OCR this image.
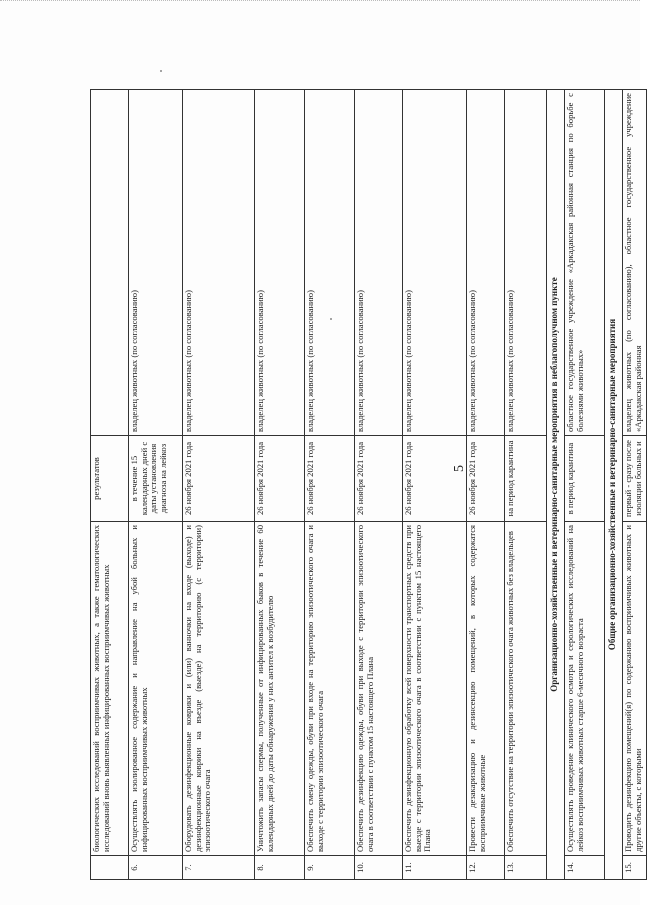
5
	биологических исследований восприимчивых животных, а также гематологических исследований вновь выявленных инфицированных восприимчивых животных	результатов	
6.	Осуществлять изолированное содержание и направление на убой больных и инфицированных восприимчивых животных	в течение 15 календарных дней с даты установления диагноза на лейкоз	владелец животных (по согласованию)
7.	Оборудовать дезинфекционные коврики и (или) ванночки на входе (выходе) и дезинфекционные коврики на въезде (выезде) на территорию (с территории) эпизоотического очага	26 ноября 2021 года	владелец животных (по согласованию)
8.	Уничтожить запасы спермы, полученные от инфицированных быков в течение 60 календарных дней до даты обнаружения у них антител к возбудителю	26 ноября 2021 года	владелец животных (по согласованию)
9.	Обеспечить смену одежды, обуви при входе на территорию эпизоотического очага и выходе с территории эпизоотического очага	26 ноября 2021 года	владелец животных (по согласованию)
10.	Обеспечить дезинфекцию одежды, обуви при выходе с территории эпизоотического очага в соответствии с пунктом 15 настоящего Плана	26 ноября 2021 года	владелец животных (по согласованию)
11.	Обеспечить дезинфекционную обработку всей поверхности транспортных средств при выезде с территории эпизоотического очага в соответствии с пунктом 15 настоящего Плана	26 ноября 2021 года	владелец животных (по согласованию)
12.	Провести дезакаризацию и дезинсекцию помещений, в которых содержатся восприимчивые животные	26 ноября 2021 года	владелец животных (по согласованию)
13.	Обеспечить отсутствие на территории эпизоотического очага животных без владельцев	на период карантина	владелец животных (по согласованию)
Организационно-хозяйственные и ветеринарно-санитарные мероприятия в неблагополучном пункте			
14.	Осуществлять проведение клинического осмотра и серологических исследований на лейкоз восприимчивых животных старше 6-месячного возраста	в период карантина	областное государственное учреждение «Аркадакская районная станция по борьбе с болезнями животных»
Общие организационно-хозяйственные и ветеринарно-санитарные мероприятия			
15.	Проводить дезинфекцию помещений(я) по содержанию восприимчивых животных и другие объекты, с которыми	первый - сразу после изоляции больных и	владелец животных (по согласованию), областное государственное учреждение «Аркадакская районная
